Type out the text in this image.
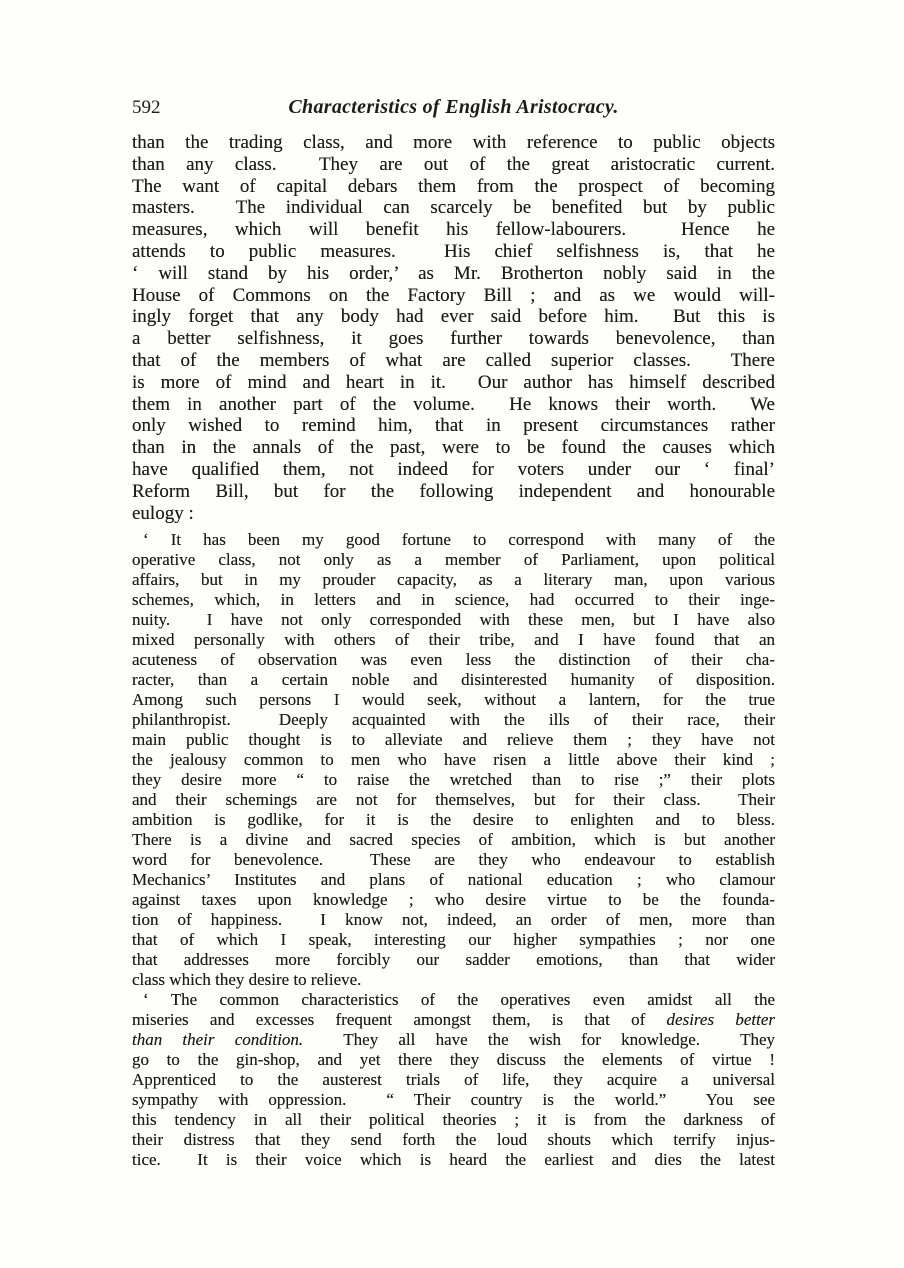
592	Characteristics of English Aristocracy.
than the trading class, and more with reference to public objects
than any class.  They are out of the great aristocratic current.
The want of capital debars them from the prospect of becoming
masters.  The individual can scarcely be benefited but by public
measures, which will benefit his fellow-labourers.  Hence he
attends to public measures.  His chief selfishness is, that he
‘ will stand by his order,’ as Mr. Brotherton nobly said in the
House of Commons on the Factory Bill ; and as we would will-
ingly forget that any body had ever said before him.  But this is
a better selfishness, it goes further towards benevolence, than
that of the members of what are called superior classes.  There
is more of mind and heart in it.  Our author has himself described
them in another part of the volume.  He knows their worth.  We
only wished to remind him, that in present circumstances rather
than in the annals of the past, were to be found the causes which
have qualified them, not indeed for voters under our ‘ final’
Reform Bill, but for the following independent and honourable
eulogy :
‘ It has been my good fortune to correspond with many of the
operative class, not only as a member of Parliament, upon political
affairs, but in my prouder capacity, as a literary man, upon various
schemes, which, in letters and in science, had occurred to their inge-
nuity.  I have not only corresponded with these men, but I have also
mixed personally with others of their tribe, and I have found that an
acuteness of observation was even less the distinction of their cha-
racter, than a certain noble and disinterested humanity of disposition.
Among such persons I would seek, without a lantern, for the true
philanthropist.  Deeply acquainted with the ills of their race, their
main public thought is to alleviate and relieve them ; they have not
the jealousy common to men who have risen a little above their kind ;
they desire more “ to raise the wretched than to rise ;” their plots
and their schemings are not for themselves, but for their class.  Their
ambition is godlike, for it is the desire to enlighten and to bless.
There is a divine and sacred species of ambition, which is but another
word for benevolence.  These are they who endeavour to establish
Mechanics’ Institutes and plans of national education ; who clamour
against taxes upon knowledge ; who desire virtue to be the founda-
tion of happiness.  I know not, indeed, an order of men, more than
that of which I speak, interesting our higher sympathies ; nor one
that addresses more forcibly our sadder emotions, than that wider
class which they desire to relieve.
‘ The common characteristics of the operatives even amidst all the
miseries and excesses frequent amongst them, is that of desires better
than their condition.  They all have the wish for knowledge.  They
go to the gin-shop, and yet there they discuss the elements of virtue !
Apprenticed to the austerest trials of life, they acquire a universal
sympathy with oppression.  “ Their country is the world.”  You see
this tendency in all their political theories ; it is from the darkness of
their distress that they send forth the loud shouts which terrify injus-
tice.  It is their voice which is heard the earliest and dies the latest
